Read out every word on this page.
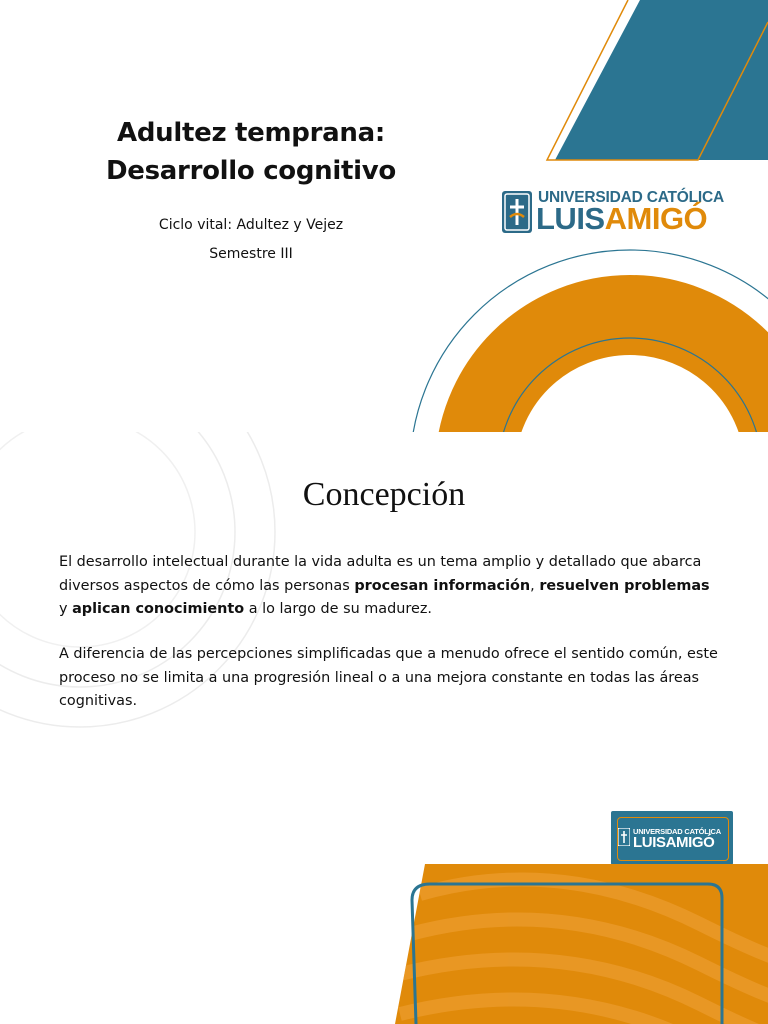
Adultez temprana:
Desarrollo cognitivo
Ciclo vital: Adultez y Vejez
Semestre III
UNIVERSIDAD CATÓLICA
LUISAMIGÓ
Concepción
El desarrollo intelectual durante la vida adulta es un tema amplio y detallado que abarca diversos aspectos de cómo las personas procesan información, resuelven problemas y aplican conocimiento a lo largo de su madurez.
A diferencia de las percepciones simplificadas que a menudo ofrece el sentido común, este proceso no se limita a una progresión lineal o a una mejora constante en todas las áreas cognitivas.
UNIVERSIDAD CATÓLICA
LUISAMIGÓ
